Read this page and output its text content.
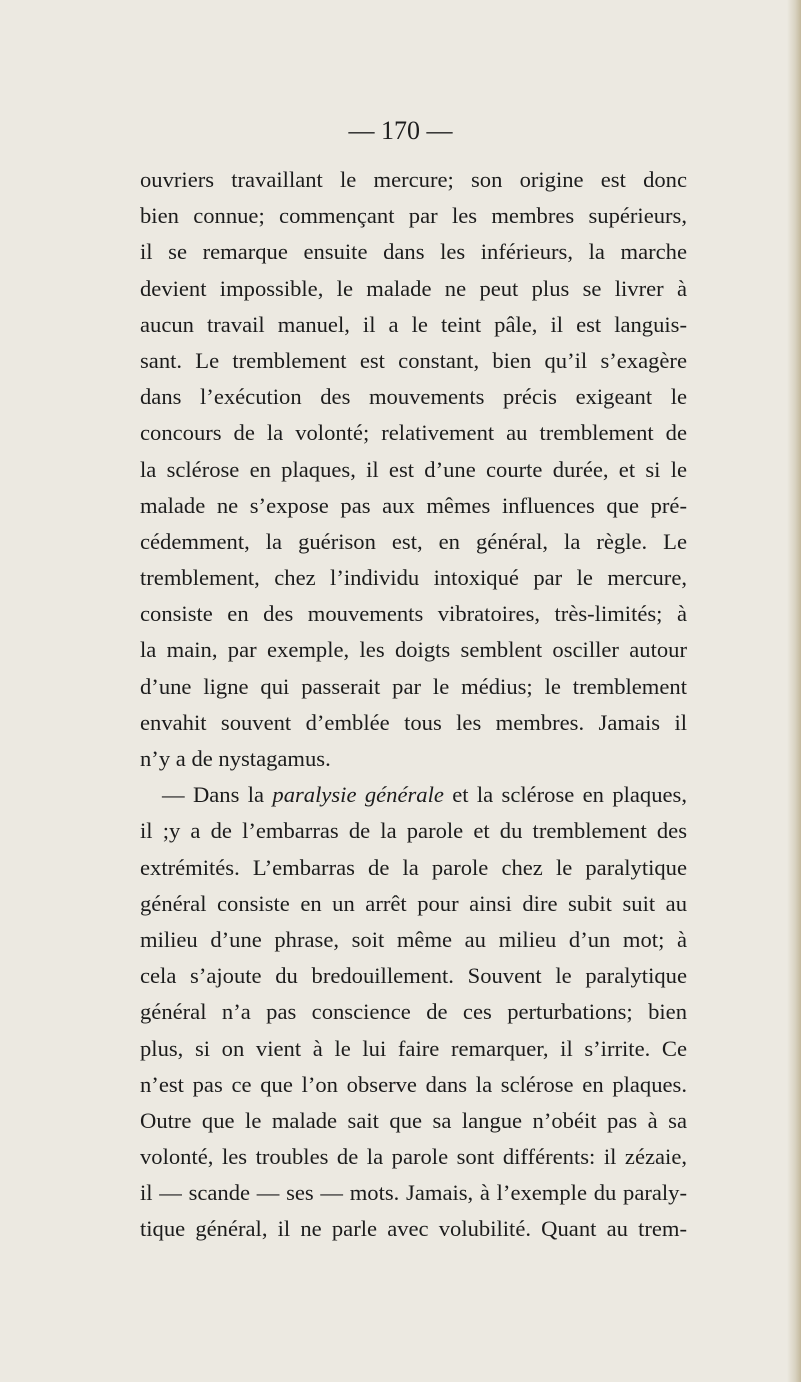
— 170 —
ouvriers travaillant le mercure; son origine est donc
bien connue; commençant par les membres supérieurs,
il se remarque ensuite dans les inférieurs, la marche
devient impossible, le malade ne peut plus se livrer à
aucun travail manuel, il a le teint pâle, il est languis-
sant. Le tremblement est constant, bien qu’il s’exagère
dans l’exécution des mouvements précis exigeant le
concours de la volonté; relativement au tremblement de
la sclérose en plaques, il est d’une courte durée, et si le
malade ne s’expose pas aux mêmes influences que pré-
cédemment, la guérison est, en général, la règle. Le
tremblement, chez l’individu intoxiqué par le mercure,
consiste en des mouvements vibratoires, très-limités; à
la main, par exemple, les doigts semblent osciller autour
d’une ligne qui passerait par le médius; le tremblement
envahit souvent d’emblée tous les membres. Jamais il
n’y a de nystagamus.
— Dans la paralysie générale et la sclérose en plaques,
il ;y a de l’embarras de la parole et du tremblement des
extrémités. L’embarras de la parole chez le paralytique
général consiste en un arrêt pour ainsi dire subit suit au
milieu d’une phrase, soit même au milieu d’un mot; à
cela s’ajoute du bredouillement. Souvent le paralytique
général n’a pas conscience de ces perturbations; bien
plus, si on vient à le lui faire remarquer, il s’irrite. Ce
n’est pas ce que l’on observe dans la sclérose en plaques.
Outre que le malade sait que sa langue n’obéit pas à sa
volonté, les troubles de la parole sont différents: il zézaie,
il — scande — ses — mots. Jamais, à l’exemple du paraly-
tique général, il ne parle avec volubilité. Quant au trem-
